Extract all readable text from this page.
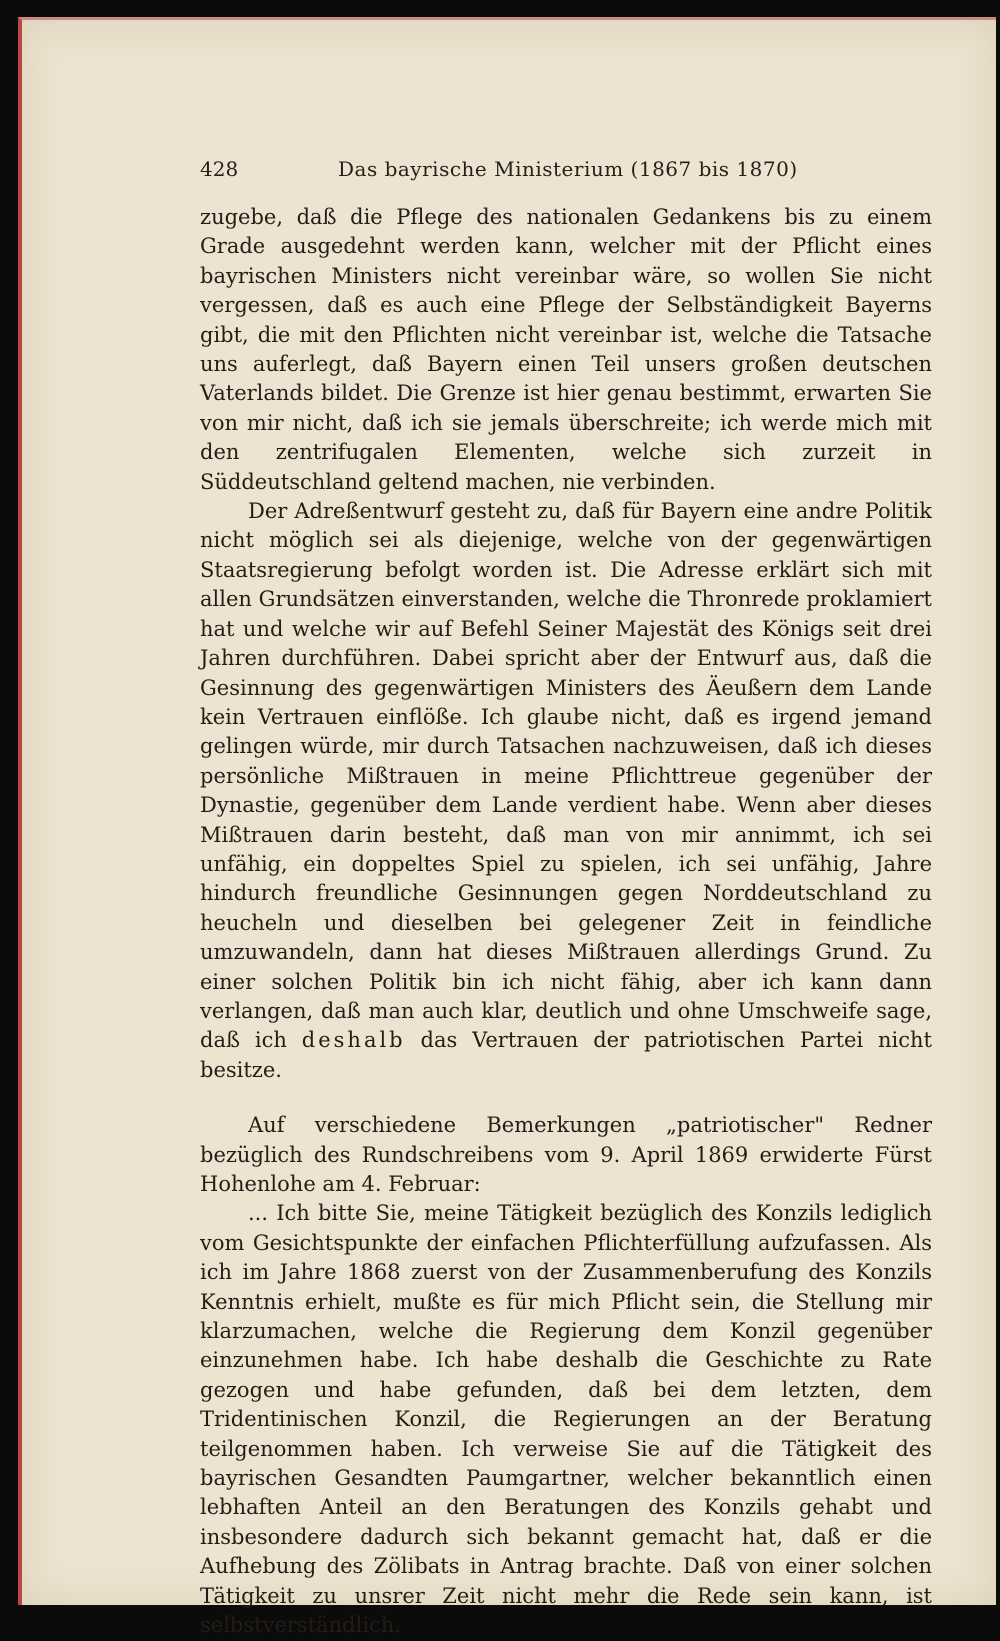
428	Das bayrische Ministerium (1867 bis 1870)

zugebe, daß die Pflege des nationalen Gedankens bis zu einem Grade ausgedehnt werden kann, welcher mit der Pflicht eines bayrischen Ministers nicht vereinbar wäre, so wollen Sie nicht vergessen, daß es auch eine Pflege der Selbständigkeit Bayerns gibt, die mit den Pflichten nicht vereinbar ist, welche die Tatsache uns auferlegt, daß Bayern einen Teil unsers großen deutschen Vaterlands bildet. Die Grenze ist hier genau bestimmt, erwarten Sie von mir nicht, daß ich sie jemals überschreite; ich werde mich mit den zentrifugalen Elementen, welche sich zurzeit in Süddeutschland geltend machen, nie verbinden.

Der Adreßentwurf gesteht zu, daß für Bayern eine andre Politik nicht möglich sei als diejenige, welche von der gegenwärtigen Staatsregierung befolgt worden ist. Die Adresse erklärt sich mit allen Grundsätzen einverstanden, welche die Thronrede proklamiert hat und welche wir auf Befehl Seiner Majestät des Königs seit drei Jahren durchführen. Dabei spricht aber der Entwurf aus, daß die Gesinnung des gegenwärtigen Ministers des Äeußern dem Lande kein Vertrauen einflöße. Ich glaube nicht, daß es irgend jemand gelingen würde, mir durch Tatsachen nachzuweisen, daß ich dieses persönliche Mißtrauen in meine Pflichttreue gegenüber der Dynastie, gegenüber dem Lande verdient habe. Wenn aber dieses Mißtrauen darin besteht, daß man von mir annimmt, ich sei unfähig, ein doppeltes Spiel zu spielen, ich sei unfähig, Jahre hindurch freundliche Gesinnungen gegen Norddeutschland zu heucheln und dieselben bei gelegener Zeit in feindliche umzuwandeln, dann hat dieses Mißtrauen allerdings Grund. Zu einer solchen Politik bin ich nicht fähig, aber ich kann dann verlangen, daß man auch klar, deutlich und ohne Umschweife sage, daß ich deshalb das Vertrauen der patriotischen Partei nicht besitze.

Auf verschiedene Bemerkungen „patriotischer" Redner bezüglich des Rundschreibens vom 9. April 1869 erwiderte Fürst Hohenlohe am 4. Februar:

... Ich bitte Sie, meine Tätigkeit bezüglich des Konzils lediglich vom Gesichtspunkte der einfachen Pflichterfüllung aufzufassen. Als ich im Jahre 1868 zuerst von der Zusammenberufung des Konzils Kenntnis erhielt, mußte es für mich Pflicht sein, die Stellung mir klarzumachen, welche die Regierung dem Konzil gegenüber einzunehmen habe. Ich habe deshalb die Geschichte zu Rate gezogen und habe gefunden, daß bei dem letzten, dem Tridentinischen Konzil, die Regierungen an der Beratung teilgenommen haben. Ich verweise Sie auf die Tätigkeit des bayrischen Gesandten Paumgartner, welcher bekanntlich einen lebhaften Anteil an den Beratungen des Konzils gehabt und insbesondere dadurch sich bekannt gemacht hat, daß er die Aufhebung des Zölibats in Antrag brachte. Daß von einer solchen Tätigkeit zu unsrer Zeit nicht mehr die Rede sein kann, ist selbstverständlich.
